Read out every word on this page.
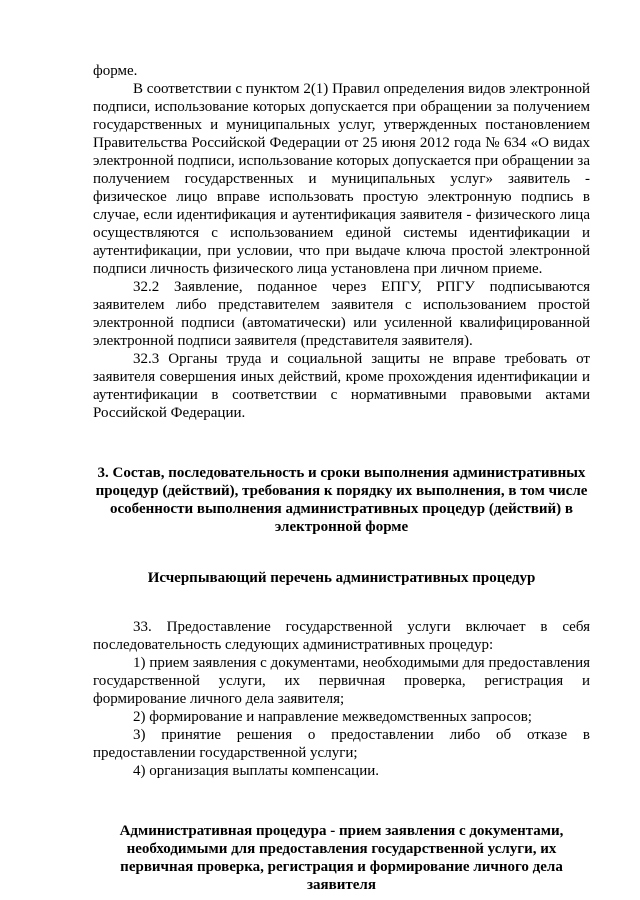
форме.

В соответствии с пунктом 2(1) Правил определения видов электронной подписи, использование которых допускается при обращении за получением государственных и муниципальных услуг, утвержденных постановлением Правительства Российской Федерации от 25 июня 2012 года № 634 «О видах электронной подписи, использование которых допускается при обращении за получением государственных и муниципальных услуг» заявитель - физическое лицо вправе использовать простую электронную подпись в случае, если идентификация и аутентификация заявителя - физического лица осуществляются с использованием единой системы идентификации и аутентификации, при условии, что при выдаче ключа простой электронной подписи личность физического лица установлена при личном приеме.

32.2 Заявление, поданное через ЕПГУ, РПГУ подписываются заявителем либо представителем заявителя с использованием простой электронной подписи (автоматически) или усиленной квалифицированной электронной подписи заявителя (представителя заявителя).

32.3 Органы труда и социальной защиты не вправе требовать от заявителя совершения иных действий, кроме прохождения идентификации и аутентификации в соответствии с нормативными правовыми актами Российской Федерации.

3. Состав, последовательность и сроки выполнения административных процедур (действий), требования к порядку их выполнения, в том числе особенности выполнения административных процедур (действий) в электронной форме

Исчерпывающий перечень административных процедур

33. Предоставление государственной услуги включает в себя последовательность следующих административных процедур:

1) прием заявления с документами, необходимыми для предоставления государственной услуги, их первичная проверка, регистрация и формирование личного дела заявителя;

2) формирование и направление межведомственных запросов;

3) принятие решения о предоставлении либо об отказе в предоставлении государственной услуги;

4) организация выплаты компенсации.

Административная процедура - прием заявления с документами, необходимыми для предоставления государственной услуги, их первичная проверка, регистрация и формирование личного дела заявителя
